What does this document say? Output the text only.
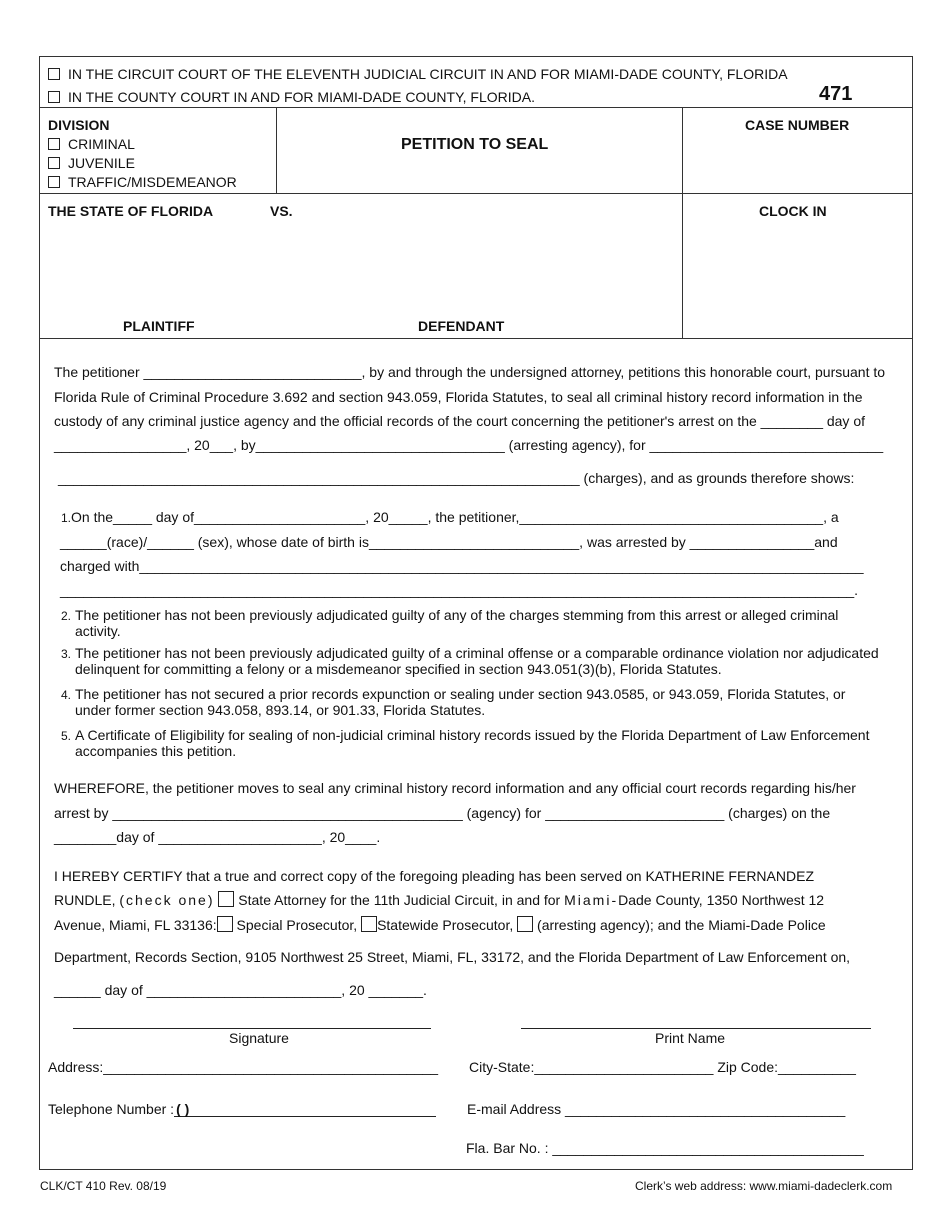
IN THE CIRCUIT COURT OF THE ELEVENTH JUDICIAL CIRCUIT IN AND FOR MIAMI-DADE COUNTY, FLORIDA
IN THE COUNTY COURT IN AND FOR MIAMI-DADE COUNTY, FLORIDA.	471
DIVISION
CRIMINAL
JUVENILE
TRAFFIC/MISDEMEANOR
PETITION TO SEAL
CASE NUMBER
THE STATE OF FLORIDA	VS.	CLOCK IN
PLAINTIFF	DEFENDANT
The petitioner ____________________________, by and through the undersigned attorney, petitions this honorable court, pursuant to
Florida Rule of Criminal Procedure 3.692 and section 943.059, Florida Statutes, to seal all criminal history record information in the
custody of any criminal justice agency and the official records of the court concerning the petitioner's arrest on the ________ day of
_________________, 20___, by________________________________ (arresting agency), for ______________________________
___________________________________________________________________ (charges), and as grounds therefore shows:
1.On the_____ day of______________________, 20_____, the petitioner,_______________________________________, a
______(race)/______ (sex), whose date of birth is___________________________, was arrested by ________________and
charged with_____________________________________________________________________________________________
______________________________________________________________________________________________________.
2. The petitioner has not been previously adjudicated guilty of any of the charges stemming from this arrest or alleged criminal activity.
3. The petitioner has not been previously adjudicated guilty of a criminal offense or a comparable ordinance violation nor adjudicated delinquent for committing a felony or a misdemeanor specified in section 943.051(3)(b), Florida Statutes.
4. The petitioner has not secured a prior records expunction or sealing under section 943.0585, or 943.059, Florida Statutes, or under former section 943.058, 893.14, or 901.33, Florida Statutes.
5. A Certificate of Eligibility for sealing of non-judicial criminal history records issued by the Florida Department of Law Enforcement accompanies this petition.
WHEREFORE, the petitioner moves to seal any criminal history record information and any official court records regarding his/her
arrest by _____________________________________________ (agency) for _______________________ (charges) on the
________day of _____________________, 20____.
I HEREBY CERTIFY that a true and correct copy of the foregoing pleading has been served on KATHERINE FERNANDEZ
RUNDLE, (check one)  State Attorney for the 11th Judicial Circuit, in and for Miami-Dade County, 1350 Northwest 12
Avenue, Miami, FL 33136: Special Prosecutor, Statewide Prosecutor,  (arresting agency); and the Miami-Dade Police
Department, Records Section, 9105 Northwest 25 Street, Miami, FL, 33172, and the Florida Department of Law Enforcement on,
______ day of _________________________, 20 _______.
Signature	Print Name
Address:___________________________________________ City-State:_______________________ Zip Code:__________
Telephone Number : ( )	E-mail Address ____________________________________
Fla. Bar No. : ________________________________________
CLK/CT 410 Rev. 08/19	Clerk’s web address: www.miami-dadeclerk.com
